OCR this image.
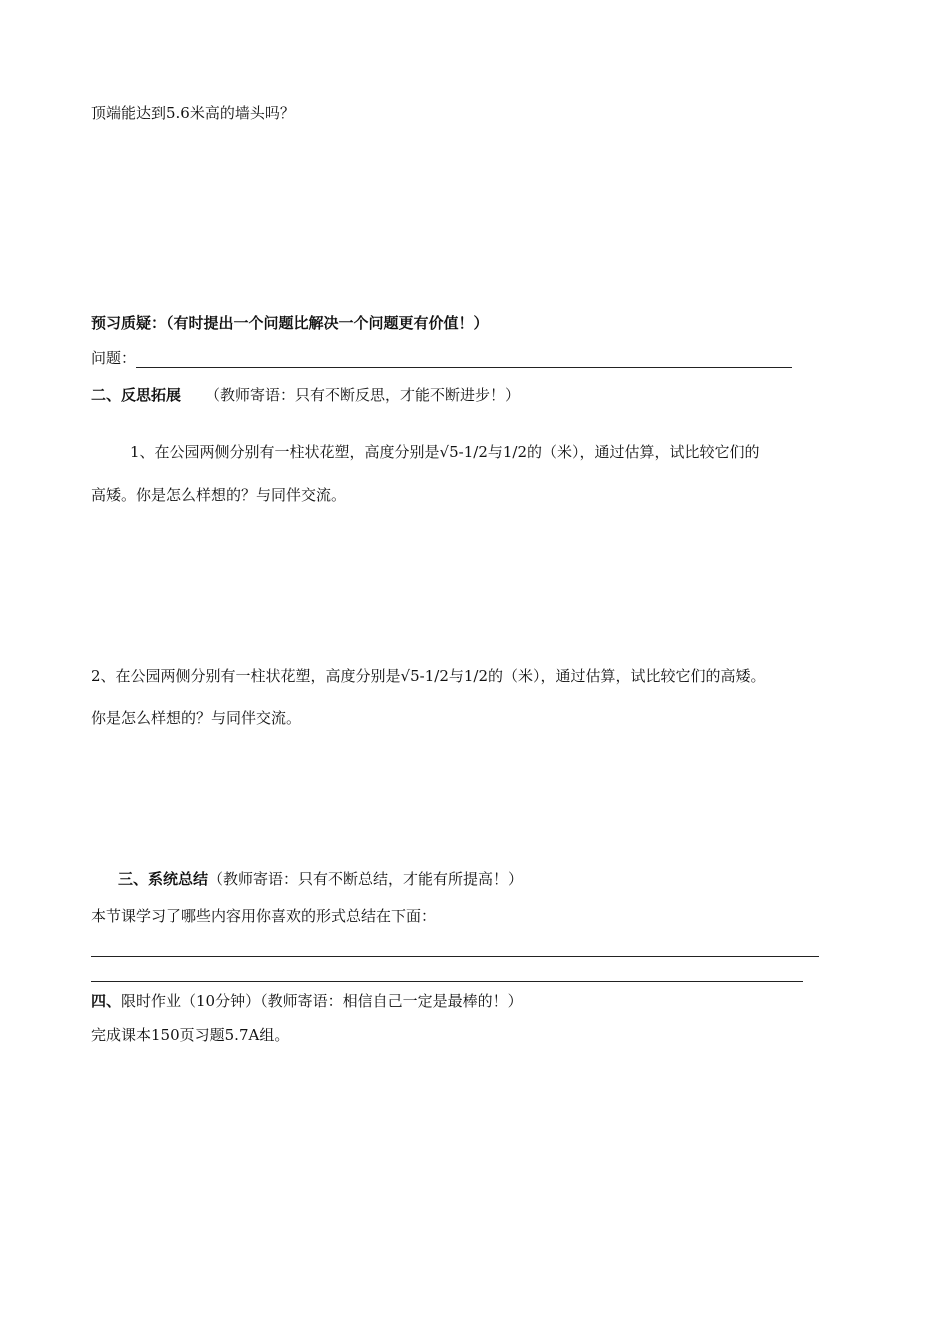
顶端能达到5.6米高的墙头吗？
预习质疑：（有时提出一个问题比解决一个问题更有价值！）
问题：
二、反思拓展 （教师寄语：只有不断反思，才能不断进步！）
1、在公园两侧分别有一柱状花塑，高度分别是√5-1/2与1/2的（米），通过估算，试比较它们的
高矮。你是怎么样想的？与同伴交流。
2、在公园两侧分别有一柱状花塑，高度分别是√5-1/2与1/2的（米），通过估算，试比较它们的高矮。
你是怎么样想的？与同伴交流。
三、系统总结（教师寄语：只有不断总结，才能有所提高！）
本节课学习了哪些内容用你喜欢的形式总结在下面：
四、限时作业（10分钟）（教师寄语：相信自己一定是最棒的！）
完成课本150页习题5.7A组。
